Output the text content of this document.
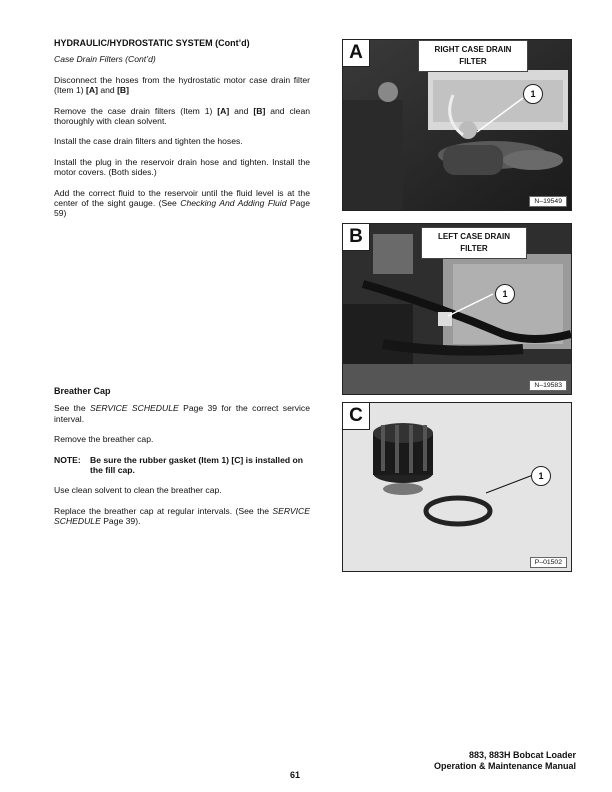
HYDRAULIC/HYDROSTATIC SYSTEM (Cont’d)

Case Drain Filters (Cont’d)

Disconnect the hoses from the hydrostatic motor case drain filter (Item 1) [A] and [B]

Remove the case drain filters (Item 1) [A] and [B] and clean thoroughly with clean solvent.

Install the case drain filters and tighten the hoses.

Install the plug in the reservoir drain hose and tighten. Install the motor covers. (Both sides.)

Add the correct fluid to the reservoir until the fluid level is at the center of the sight gauge. (See Checking And Adding Fluid Page 59)

Breather Cap

See the SERVICE SCHEDULE Page 39 for the correct service interval.

Remove the breather cap.

NOTE:	Be sure the rubber gasket (Item 1) [C] is installed on the fill cap.

Use clean solvent to clean the breather cap.

Replace the breather cap at regular intervals. (See the SERVICE SCHEDULE Page 39).

A	RIGHT CASE DRAIN
FILTER
1
N–19549
B	LEFT CASE DRAIN
FILTER
1
N–19583
C
1
P–01502
61
883, 883H Bobcat Loader
Operation & Maintenance Manual
